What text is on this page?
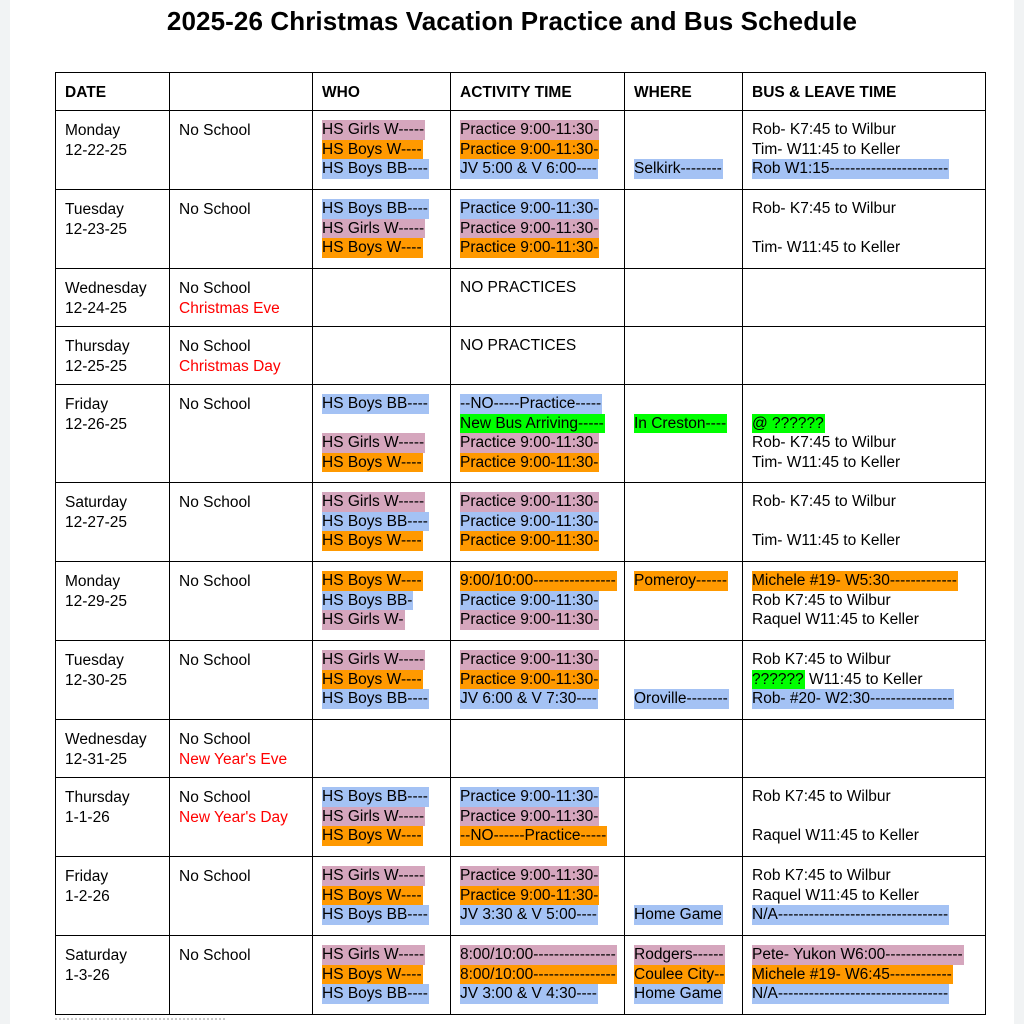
2025-26 Christmas Vacation Practice and Bus Schedule
DATE		WHO	ACTIVITY TIME	WHERE	BUS & LEAVE TIME

Monday
12-22-25	No School	HS Girls W-----
HS Boys W----
HS Boys BB----	Practice 9:00-11:30-
Practice 9:00-11:30-
JV 5:00 & V 6:00----	Selkirk--------	Rob- K7:45 to Wilbur
Tim- W11:45 to Keller
Rob W1:15-----------------------

Tuesday
12-23-25	No School	HS Boys BB----
HS Girls W-----
HS Boys W----	Practice 9:00-11:30-
Practice 9:00-11:30-
Practice 9:00-11:30-		Rob- K7:45 to Wilbur
Tim- W11:45 to Keller

Wednesday
12-24-25	No School
Christmas Eve		NO PRACTICES		

Thursday
12-25-25	No School
Christmas Day		NO PRACTICES		

Friday
12-26-25	No School	HS Boys BB----
HS Girls W-----
HS Boys W----	--NO-----Practice-----
New Bus Arriving-----
Practice 9:00-11:30-
Practice 9:00-11:30-	In Creston----	@ ??????
Rob- K7:45 to Wilbur
Tim- W11:45 to Keller

Saturday
12-27-25	No School	HS Girls W-----
HS Boys BB----
HS Boys W----	Practice 9:00-11:30-
Practice 9:00-11:30-
Practice 9:00-11:30-		Rob- K7:45 to Wilbur
Tim- W11:45 to Keller

Monday
12-29-25	No School	HS Boys W----
HS Boys BB-
HS Girls W-	9:00/10:00----------------
Practice 9:00-11:30-
Practice 9:00-11:30-	Pomeroy------	Michele #19- W5:30-------------
Rob K7:45 to Wilbur
Raquel W11:45 to Keller

Tuesday
12-30-25	No School	HS Girls W-----
HS Boys W----
HS Boys BB----	Practice 9:00-11:30-
Practice 9:00-11:30-
JV 6:00 & V 7:30----	Oroville--------	Rob K7:45 to Wilbur
?????? W11:45 to Keller
Rob- #20- W2:30----------------

Wednesday
12-31-25	No School
New Year's Eve				

Thursday
1-1-26	No School
New Year's Day	HS Boys BB----
HS Girls W-----
HS Boys W----	Practice 9:00-11:30-
Practice 9:00-11:30-
--NO------Practice-----		Rob K7:45 to Wilbur
Raquel W11:45 to Keller

Friday
1-2-26	No School	HS Girls W-----
HS Boys W----
HS Boys BB----	Practice 9:00-11:30-
Practice 9:00-11:30-
JV 3:30 & V 5:00----	Home Game	Rob K7:45 to Wilbur
Raquel W11:45 to Keller
N/A---------------------------------

Saturday
1-3-26	No School	HS Girls W-----
HS Boys W----
HS Boys BB----	8:00/10:00----------------
8:00/10:00----------------
JV 3:00 & V 4:30----	Rodgers------
Coulee City--
Home Game	Pete- Yukon W6:00---------------
Michele #19- W6:45------------
N/A---------------------------------
